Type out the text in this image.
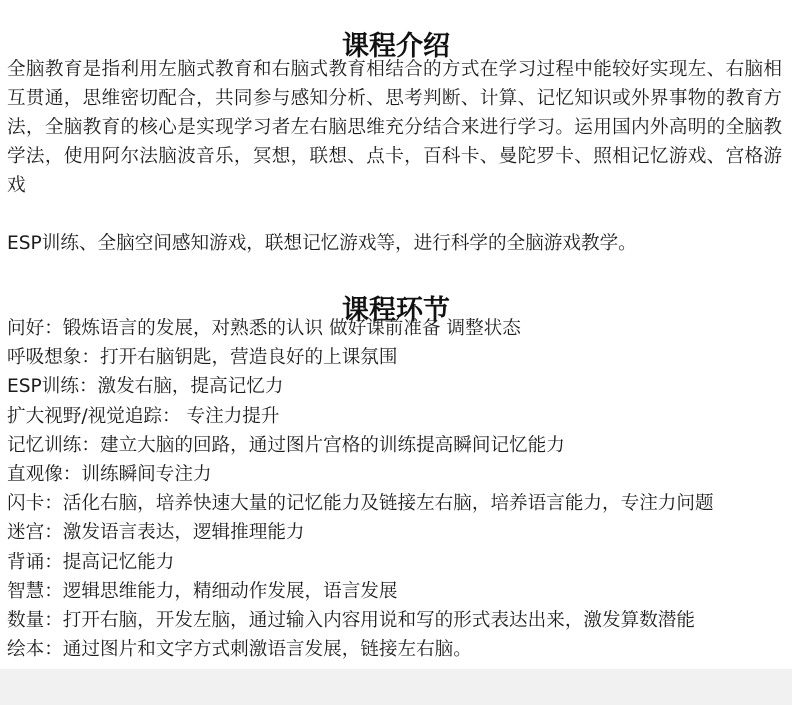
课程介绍

全脑教育是指利用左脑式教育和右脑式教育相结合的方式在学习过程中能较好实现左、右脑相互贯通，思维密切配合，共同参与感知分析、思考判断、计算、记忆知识或外界事物的教育方法，全脑教育的核心是实现学习者左右脑思维充分结合来进行学习。运用国内外高明的全脑教学法，使用阿尔法脑波音乐，冥想，联想、点卡，百科卡、曼陀罗卡、照相记忆游戏、宫格游戏

ESP训练、全脑空间感知游戏，联想记忆游戏等，进行科学的全脑游戏教学。

课程环节
问好：锻炼语言的发展，对熟悉的认识 做好课前准备 调整状态
呼吸想象：打开右脑钥匙，营造良好的上课氛围
ESP训练：激发右脑，提高记忆力
扩大视野/视觉追踪： 专注力提升
记忆训练：建立大脑的回路，通过图片宫格的训练提高瞬间记忆能力
直观像：训练瞬间专注力
闪卡：活化右脑，培养快速大量的记忆能力及链接左右脑，培养语言能力，专注力问题
迷宫：激发语言表达，逻辑推理能力
背诵：提高记忆能力
智慧：逻辑思维能力，精细动作发展，语言发展
数量：打开右脑，开发左脑，通过输入内容用说和写的形式表达出来，激发算数潜能
绘本：通过图片和文字方式刺激语言发展，链接左右脑。
